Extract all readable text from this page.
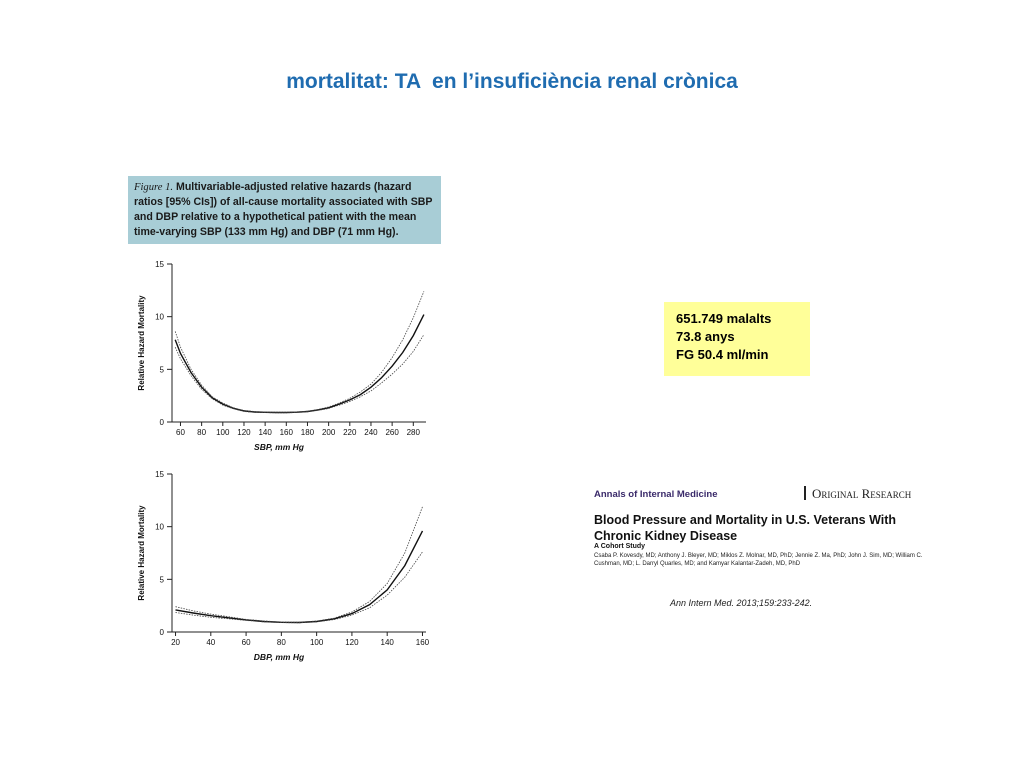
mortalitat: TA  en l’insuficiència renal crònica
Figure 1. Multivariable-adjusted relative hazards (hazard ratios [95% CIs]) of all-cause mortality associated with SBP and DBP relative to a hypothetical patient with the mean time-varying SBP (133 mm Hg) and DBP (71 mm Hg).
0
5
10
15
60 80 100 120 140 160 180 200 220 240 260 280
SBP, mm Hg
Relative Hazard Mortality
0
5
10
15
20	40	60	80	100	120	140	160
DBP, mm Hg
Relative Hazard Mortality
651.749 malalts
73.8 anys
FG 50.4 ml/min
Annals of Internal Medicine	Original Research
Blood Pressure and Mortality in U.S. Veterans With Chronic Kidney Disease
A Cohort Study
Csaba P. Kovesdy, MD; Anthony J. Bleyer, MD; Miklos Z. Molnar, MD, PhD; Jennie Z. Ma, PhD; John J. Sim, MD; William C. Cushman, MD; L. Darryl Quarles, MD; and Kamyar Kalantar-Zadeh, MD, PhD
Ann Intern Med. 2013;159:233-242.
